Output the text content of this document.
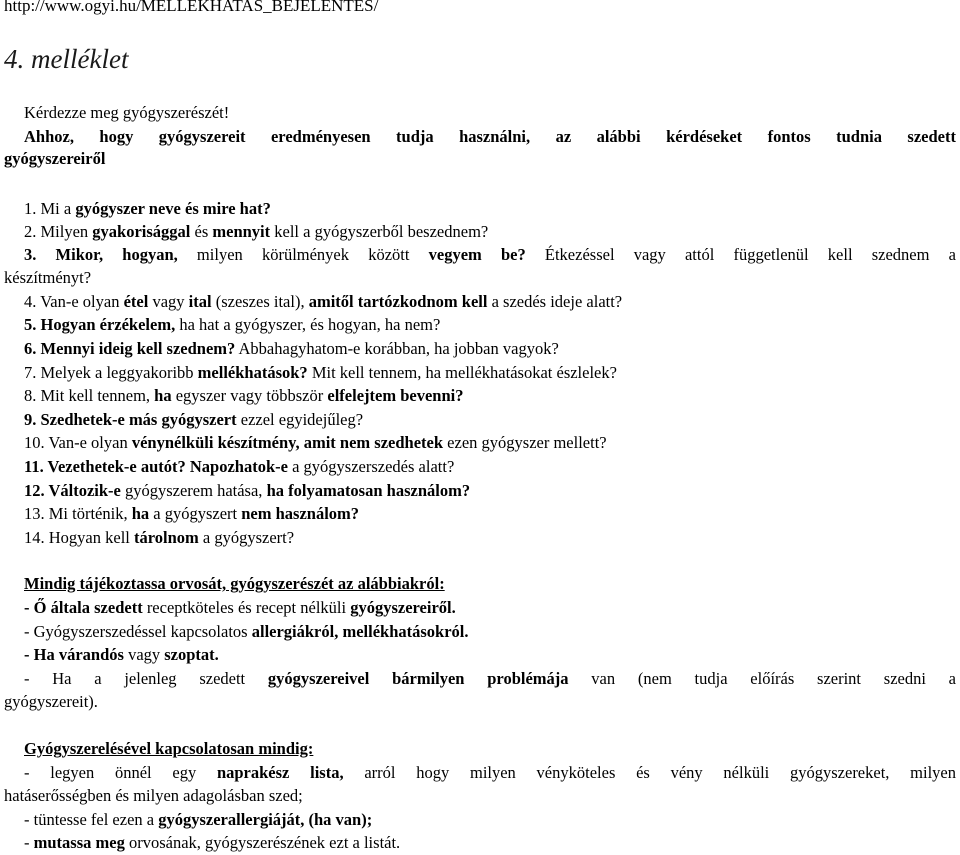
http://www.ogyi.hu/MELLEKHATAS_BEJELENTES/
4. melléklet
Kérdezze meg gyógyszerészét!
Ahhoz, hogy gyógyszereit eredményesen tudja használni, az alábbi kérdéseket fontos tudnia szedett
gyógyszereiről
1. Mi a gyógyszer neve és mire hat?
2. Milyen gyakorisággal és mennyit kell a gyógyszerből beszednem?
3. Mikor, hogyan, milyen körülmények között vegyem be? Étkezéssel vagy attól függetlenül kell szednem a
készítményt?
4. Van-e olyan étel vagy ital (szeszes ital), amitől tartózkodnom kell a szedés ideje alatt?
5. Hogyan érzékelem, ha hat a gyógyszer, és hogyan, ha nem?
6. Mennyi ideig kell szednem? Abbahagyhatom-e korábban, ha jobban vagyok?
7. Melyek a leggyakoribb mellékhatások? Mit kell tennem, ha mellékhatásokat észlelek?
8. Mit kell tennem, ha egyszer vagy többször elfelejtem bevenni?
9. Szedhetek-e más gyógyszert ezzel egyidejűleg?
10. Van-e olyan vénynélküli készítmény, amit nem szedhetek ezen gyógyszer mellett?
11. Vezethetek-e autót? Napozhatok-e a gyógyszerszedés alatt?
12. Változik-e gyógyszerem hatása, ha folyamatosan használom?
13. Mi történik, ha a gyógyszert nem használom?
14. Hogyan kell tárolnom a gyógyszert?
Mindig tájékoztassa orvosát, gyógyszerészét az alábbiakról:
- Ő általa szedett receptköteles és recept nélküli gyógyszereiről.
- Gyógyszerszedéssel kapcsolatos allergiákról, mellékhatásokról.
- Ha várandós vagy szoptat.
- Ha a jelenleg szedett gyógyszereivel bármilyen problémája van (nem tudja előírás szerint szedni a
gyógyszereit).
Gyógyszerelésével kapcsolatosan mindig:
- legyen önnél egy naprakész lista, arról hogy milyen vényköteles és vény nélküli gyógyszereket, milyen
hatáserősségben és milyen adagolásban szed;
- tüntesse fel ezen a gyógyszerallergiáját, (ha van);
- mutassa meg orvosának, gyógyszerészének ezt a listát.
